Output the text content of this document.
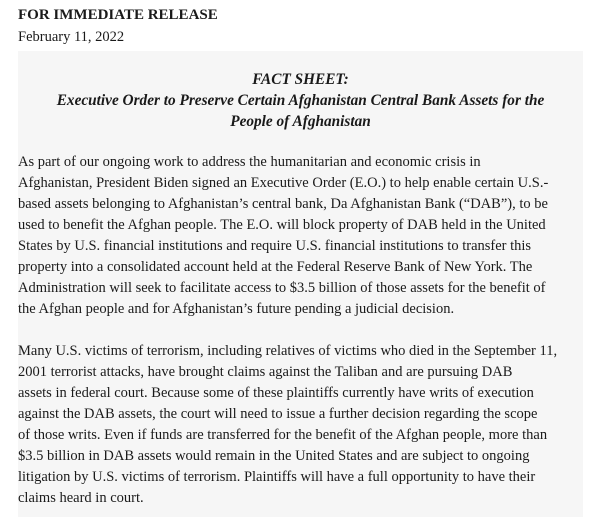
FOR IMMEDIATE RELEASE
February 11, 2022
FACT SHEET:
Executive Order to Preserve Certain Afghanistan Central Bank Assets for the
People of Afghanistan
As part of our ongoing work to address the humanitarian and economic crisis in
Afghanistan, President Biden signed an Executive Order (E.O.) to help enable certain U.S.-
based assets belonging to Afghanistan’s central bank, Da Afghanistan Bank (“DAB”), to be
used to benefit the Afghan people. The E.O. will block property of DAB held in the United
States by U.S. financial institutions and require U.S. financial institutions to transfer this
property into a consolidated account held at the Federal Reserve Bank of New York. The
Administration will seek to facilitate access to $3.5 billion of those assets for the benefit of
the Afghan people and for Afghanistan’s future pending a judicial decision.
Many U.S. victims of terrorism, including relatives of victims who died in the September 11,
2001 terrorist attacks, have brought claims against the Taliban and are pursuing DAB
assets in federal court. Because some of these plaintiffs currently have writs of execution
against the DAB assets, the court will need to issue a further decision regarding the scope
of those writs. Even if funds are transferred for the benefit of the Afghan people, more than
$3.5 billion in DAB assets would remain in the United States and are subject to ongoing
litigation by U.S. victims of terrorism. Plaintiffs will have a full opportunity to have their
claims heard in court.
